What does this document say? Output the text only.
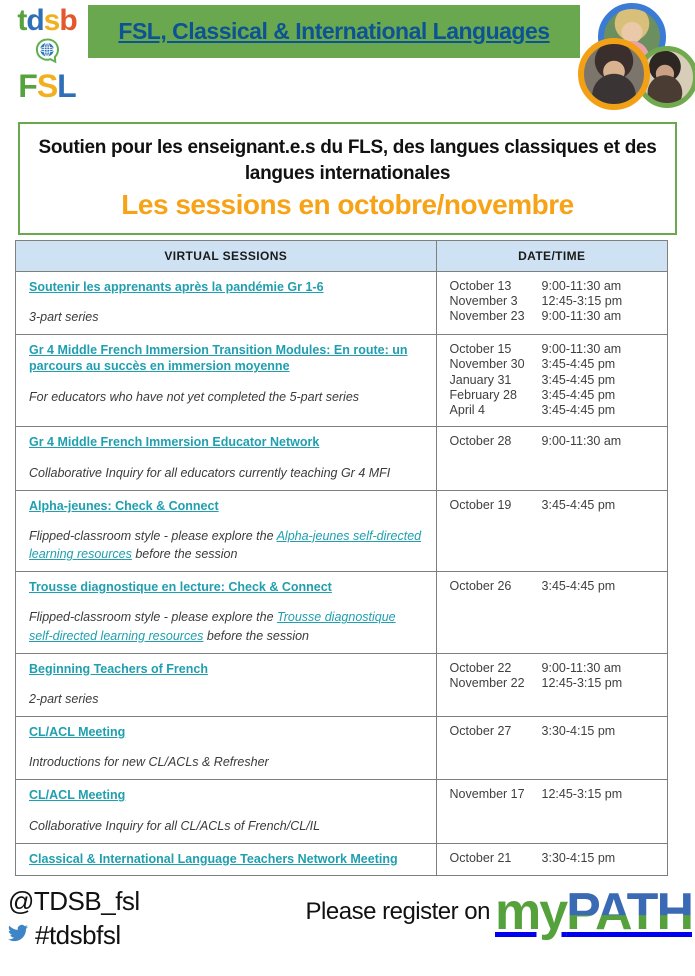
tdsb
FSL
FSL, Classical & International Languages
Soutien pour les enseignant.e.s du FLS, des langues classiques et des langues internationales
Les sessions en octobre/novembre
VIRTUAL SESSIONS	DATE/TIME
Soutenir les apprenants après la pandémie Gr 1-6
3-part series
October 13 9:00-11:30 am
November 3 12:45-3:15 pm
November 23 9:00-11:30 am
Gr 4 Middle French Immersion Transition Modules: En route: un parcours au succès en immersion moyenne
For educators who have not yet completed the 5-part series
October 15 9:00-11:30 am
November 30 3:45-4:45 pm
January 31 3:45-4:45 pm
February 28 3:45-4:45 pm
April 4	3:45-4:45 pm
Gr 4 Middle French Immersion Educator Network
Collaborative Inquiry for all educators currently teaching Gr 4 MFI
October 28 9:00-11:30 am
Alpha-jeunes: Check & Connect
Flipped-classroom style - please explore the Alpha-jeunes self-directed learning resources before the session
October 19 3:45-4:45 pm
Trousse diagnostique en lecture: Check & Connect
Flipped-classroom style - please explore the Trousse diagnostique self-directed learning resources before the session
October 26 3:45-4:45 pm
Beginning Teachers of French
2-part series
October 22 9:00-11:30 am
November 22 12:45-3:15 pm
CL/ACL Meeting
Introductions for new CL/ACLs & Refresher
October 27 3:30-4:15 pm
CL/ACL Meeting
Collaborative Inquiry for all CL/ACLs of French/CL/IL
November 17 12:45-3:15 pm
Classical & International Language Teachers Network Meeting	October 21 3:30-4:15 pm
@TDSB_fsl
#tdsbfsl
Please register on myPATH
